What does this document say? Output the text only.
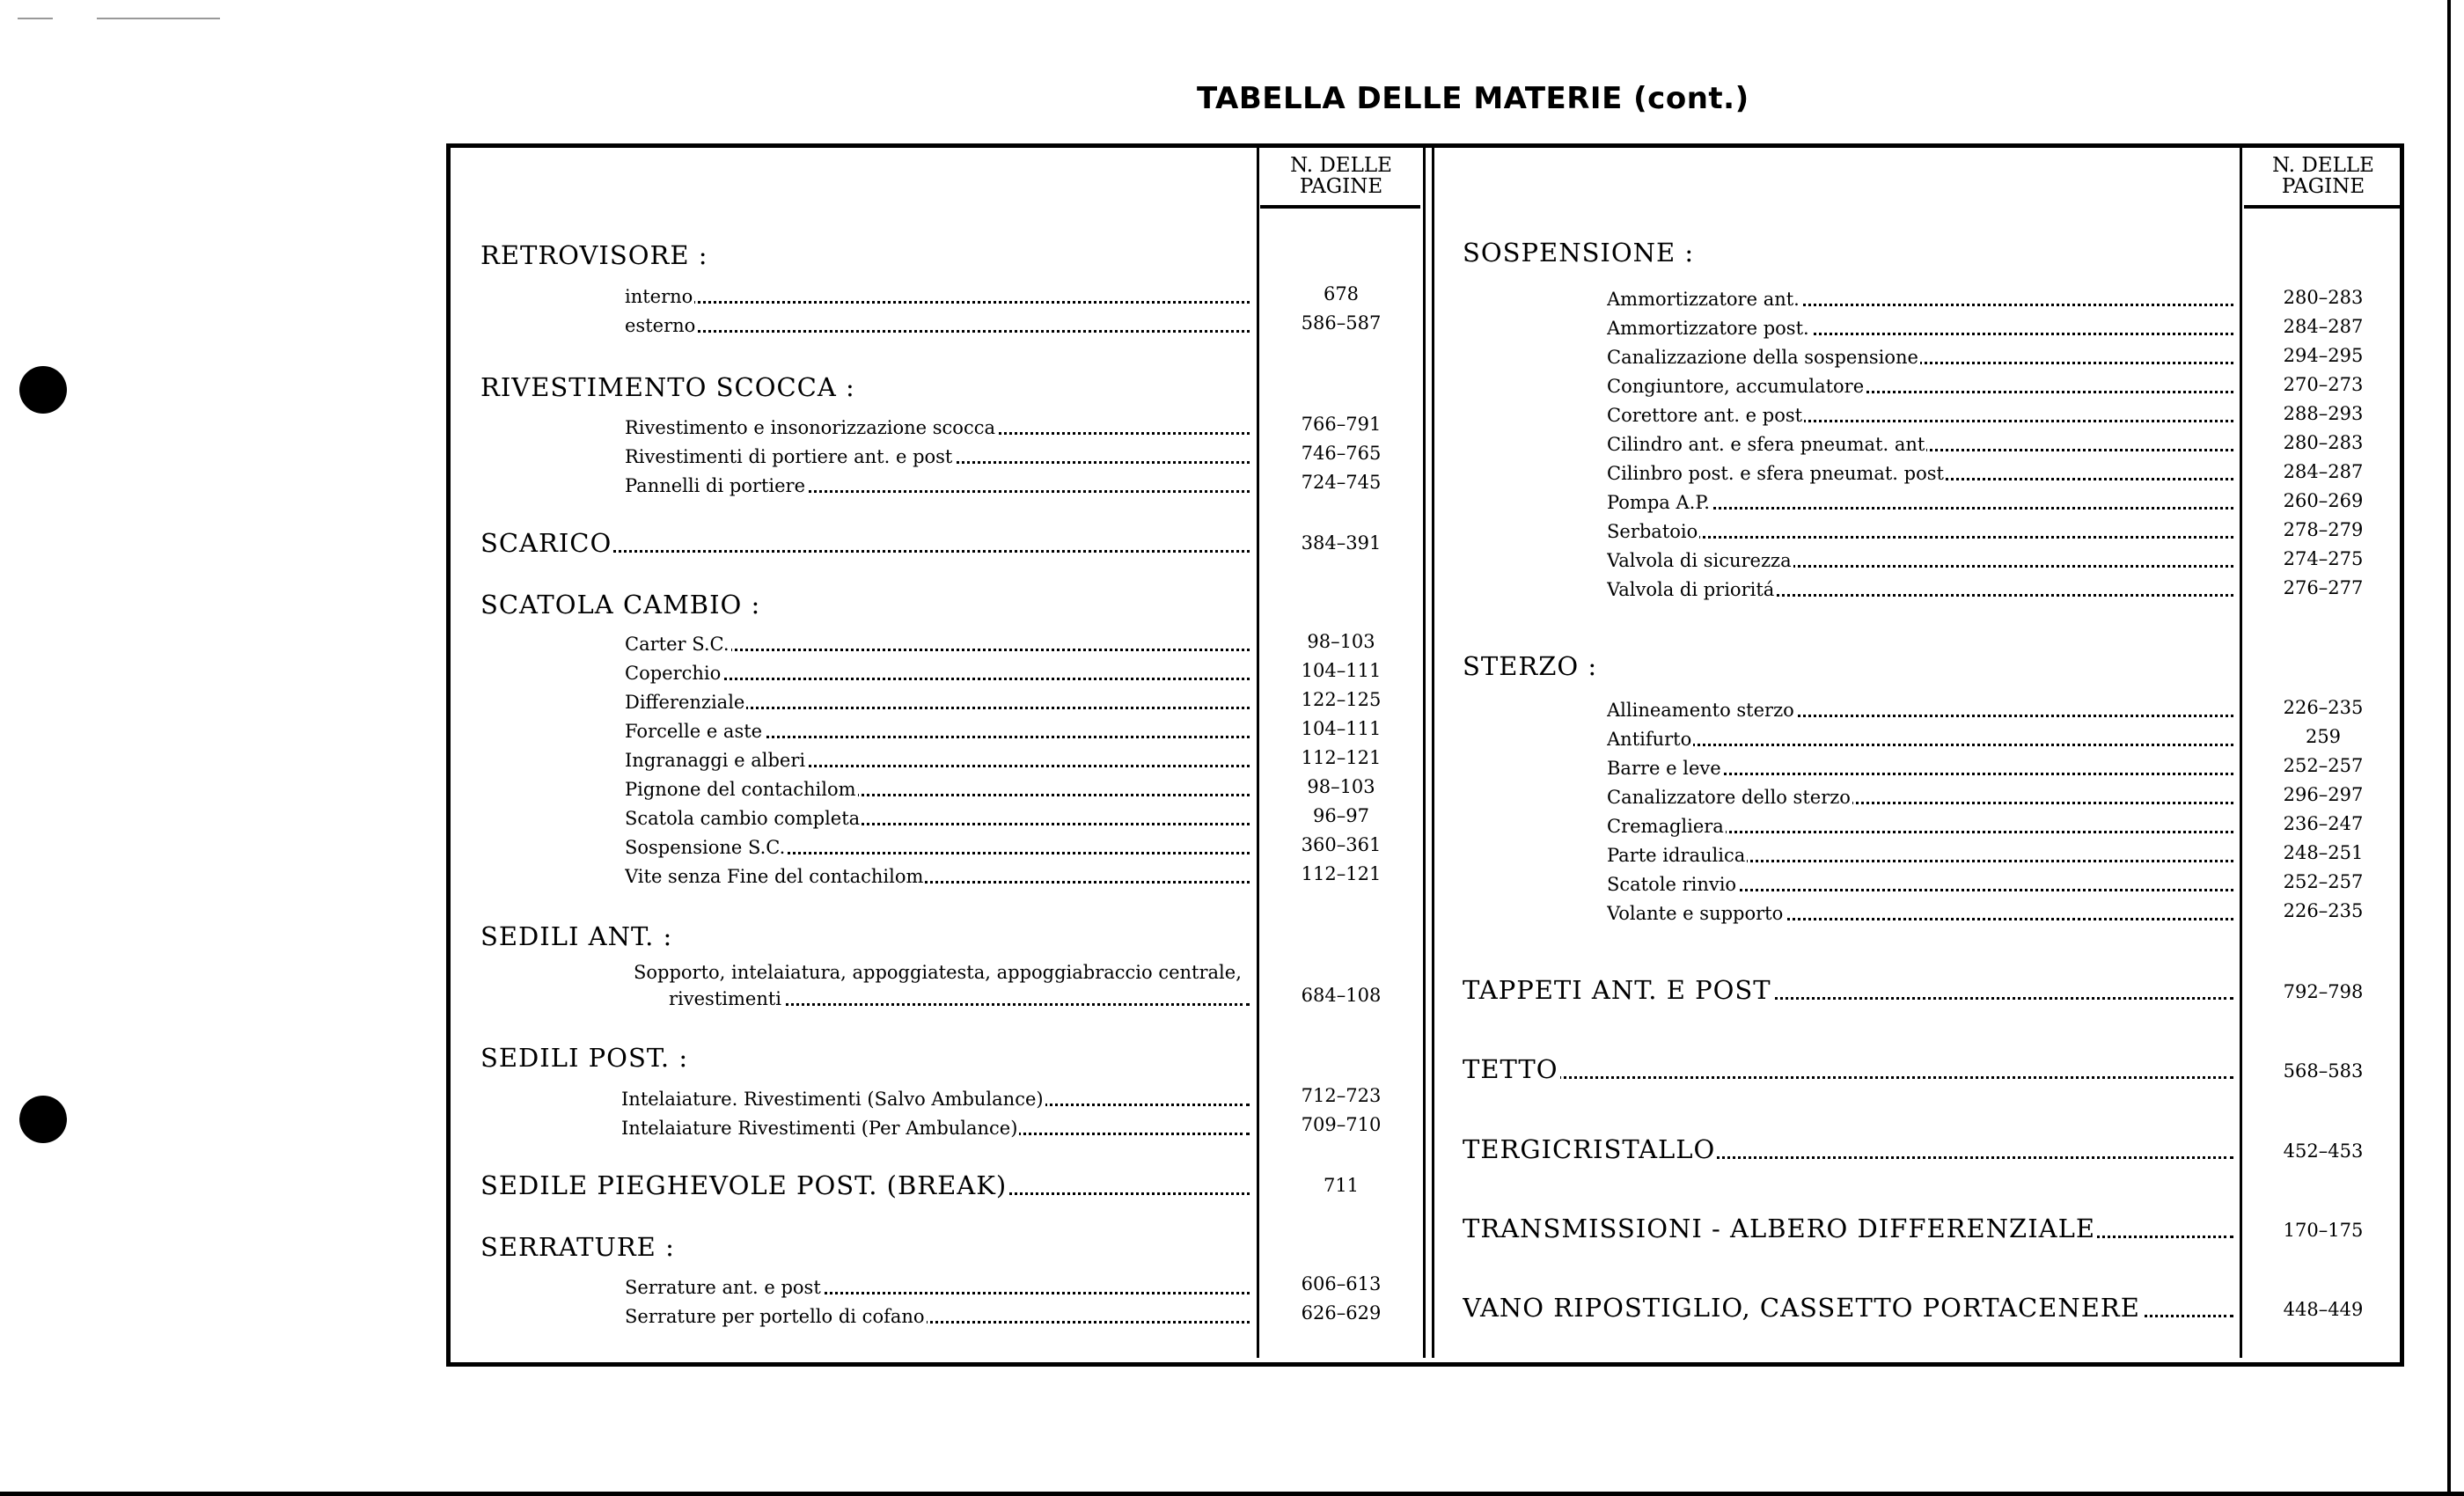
TABELLA DELLE MATERIE (cont.)
N. DELLE
PAGINE
N. DELLE
PAGINE
RETROVISORE :
interno	678
esterno	586–587
RIVESTIMENTO SCOCCA :
Rivestimento e insonorizzazione scocca	766–791
Rivestimenti di portiere ant. e post	746–765
Pannelli di portiere	724–745
SCARICO	384–391
SCATOLA CAMBIO :
Carter S.C.	98–103
Coperchio	104–111
Differenziale	122–125
Forcelle e aste	104–111
Ingranaggi e alberi	112–121
Pignone del contachilom	98–103
Scatola cambio completa	96–97
Sospensione S.C.	360–361
Vite senza Fine del contachilom	112–121
SEDILI ANT. :
Sopporto, intelaiatura, appoggiatesta, appoggiabraccio centrale,
rivestimenti	684–108
SEDILI POST. :
Intelaiature. Rivestimenti (Salvo Ambulance)	712–723
Intelaiature Rivestimenti (Per Ambulance)	709–710
SEDILE PIEGHEVOLE POST. (BREAK)	711
SERRATURE :
Serrature ant. e post	606–613
Serrature per portello di cofano	626–629
SOSPENSIONE :
Ammortizzatore ant.	280–283
Ammortizzatore post.	284–287
Canalizzazione della sospensione	294–295
Congiuntore, accumulatore	270–273
Corettore ant. e post	288–293
Cilindro ant. e sfera pneumat. ant	280–283
Cilinbro post. e sfera pneumat. post	284–287
Pompa A.P.	260–269
Serbatoio	278–279
Valvola di sicurezza	274–275
Valvola di prioritá	276–277
STERZO :
Allineamento sterzo	226–235
Antifurto	259
Barre e leve	252–257
Canalizzatore dello sterzo	296–297
Cremagliera	236–247
Parte idraulica	248–251
Scatole rinvio	252–257
Volante e supporto	226–235
TAPPETI ANT. E POST	792–798
TETTO	568–583
TERGICRISTALLO	452–453
TRANSMISSIONI - ALBERO DIFFERENZIALE	170–175
VANO RIPOSTIGLIO, CASSETTO PORTACENERE	448–449
